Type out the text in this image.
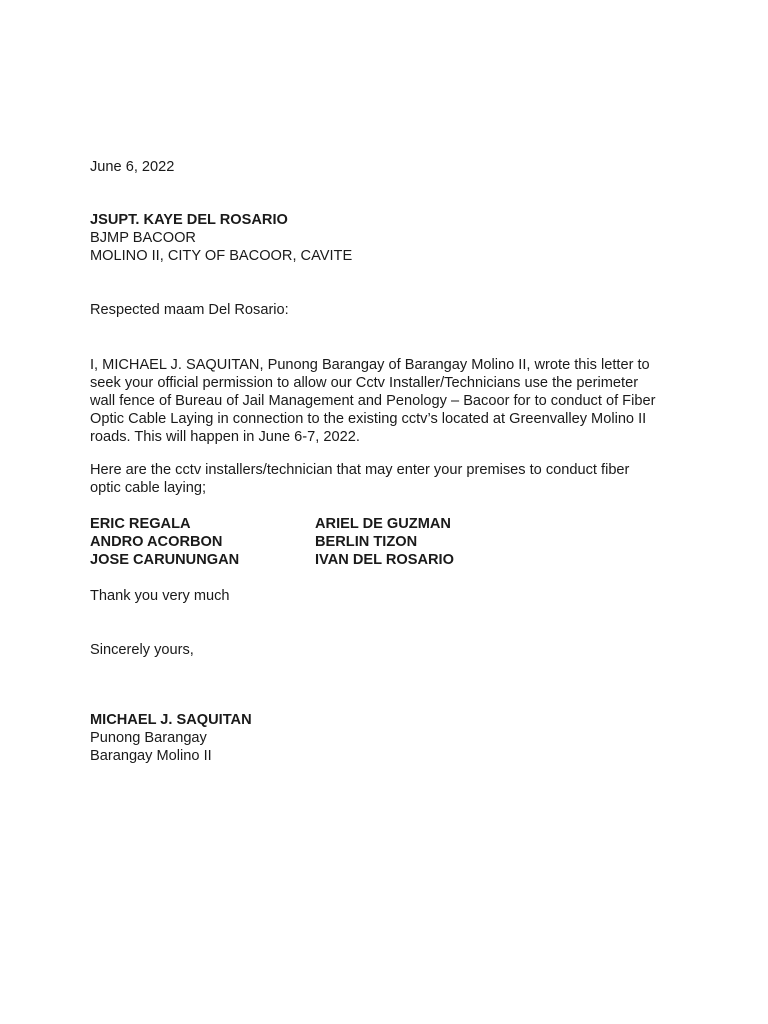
June 6, 2022
JSUPT. KAYE DEL ROSARIO
BJMP BACOOR
MOLINO II, CITY OF BACOOR, CAVITE
Respected maam Del Rosario:
I, MICHAEL J. SAQUITAN, Punong Barangay of Barangay Molino II, wrote this letter to
seek your official permission to allow our Cctv Installer/Technicians use the perimeter
wall fence of Bureau of Jail Management and Penology – Bacoor for to conduct of Fiber
Optic Cable Laying in connection to the existing cctv’s located at Greenvalley Molino II
roads. This will happen in June 6-7, 2022.
Here are the cctv installers/technician that may enter your premises to conduct fiber
optic cable laying;
ERIC REGALA
ANDRO ACORBON
JOSE CARUNUNGAN
ARIEL DE GUZMAN
BERLIN TIZON
IVAN DEL ROSARIO
Thank you very much
Sincerely yours,
MICHAEL J. SAQUITAN
Punong Barangay
Barangay Molino II
